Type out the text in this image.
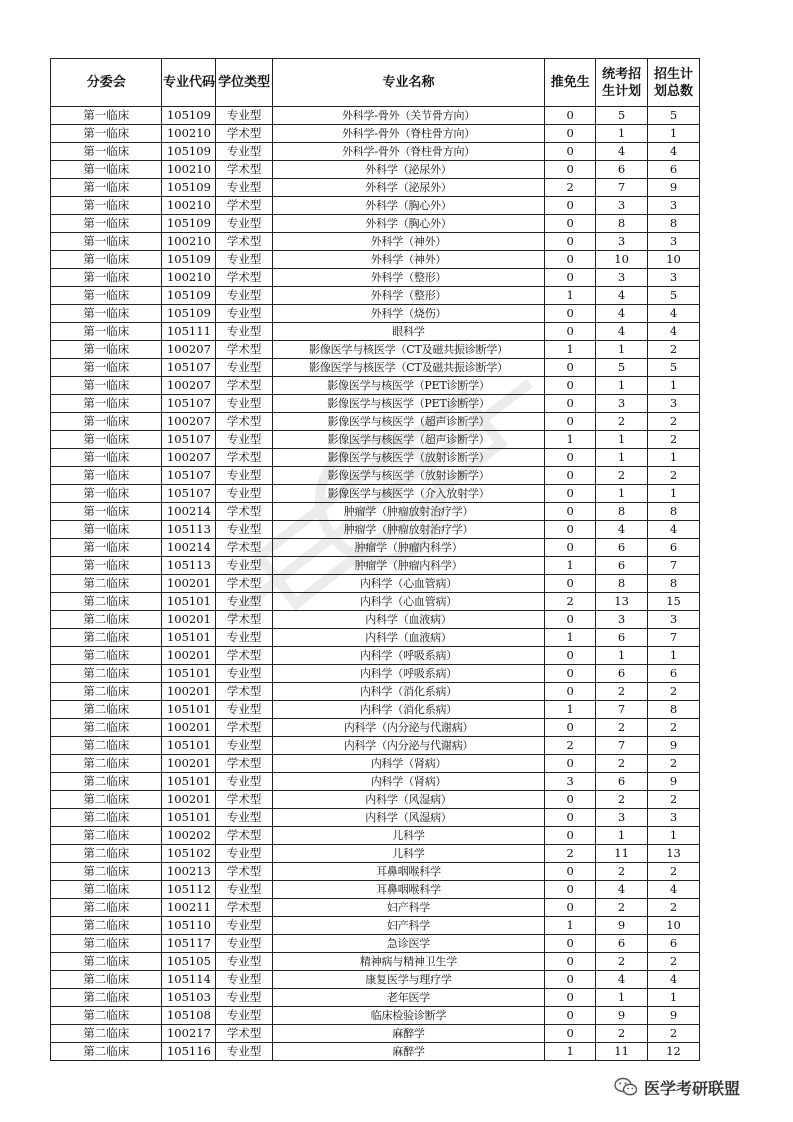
分委会	专业代码	学位类型	专业名称	推免生	统考招生计划	招生计划总数
第一临床	105109	专业型	外科学-骨外（关节骨方向）	0	5	5
第一临床	100210	学术型	外科学-骨外（脊柱骨方向）	0	1	1
第一临床	105109	专业型	外科学-骨外（脊柱骨方向）	0	4	4
第一临床	100210	学术型	外科学（泌尿外）	0	6	6
第一临床	105109	专业型	外科学（泌尿外）	2	7	9
第一临床	100210	学术型	外科学（胸心外）	0	3	3
第一临床	105109	专业型	外科学（胸心外）	0	8	8
第一临床	100210	学术型	外科学（神外）	0	3	3
第一临床	105109	专业型	外科学（神外）	0	10	10
第一临床	100210	学术型	外科学（整形）	0	3	3
第一临床	105109	专业型	外科学（整形）	1	4	5
第一临床	105109	专业型	外科学（烧伤）	0	4	4
第一临床	105111	专业型	眼科学	0	4	4
第一临床	100207	学术型	影像医学与核医学（CT及磁共振诊断学）	1	1	2
第一临床	105107	专业型	影像医学与核医学（CT及磁共振诊断学）	0	5	5
第一临床	100207	学术型	影像医学与核医学（PET诊断学）	0	1	1
第一临床	105107	专业型	影像医学与核医学（PET诊断学）	0	3	3
第一临床	100207	学术型	影像医学与核医学（超声诊断学）	0	2	2
第一临床	105107	专业型	影像医学与核医学（超声诊断学）	1	1	2
第一临床	100207	学术型	影像医学与核医学（放射诊断学）	0	1	1
第一临床	105107	专业型	影像医学与核医学（放射诊断学）	0	2	2
第一临床	105107	专业型	影像医学与核医学（介入放射学）	0	1	1
第一临床	100214	学术型	肿瘤学（肿瘤放射治疗学）	0	8	8
第一临床	105113	专业型	肿瘤学（肿瘤放射治疗学）	0	4	4
第一临床	100214	学术型	肿瘤学（肿瘤内科学）	0	6	6
第一临床	105113	专业型	肿瘤学（肿瘤内科学）	1	6	7
第二临床	100201	学术型	内科学（心血管病）	0	8	8
第二临床	105101	专业型	内科学（心血管病）	2	13	15
第二临床	100201	学术型	内科学（血液病）	0	3	3
第二临床	105101	专业型	内科学（血液病）	1	6	7
第二临床	100201	学术型	内科学（呼吸系病）	0	1	1
第二临床	105101	专业型	内科学（呼吸系病）	0	6	6
第二临床	100201	学术型	内科学（消化系病）	0	2	2
第二临床	105101	专业型	内科学（消化系病）	1	7	8
第二临床	100201	学术型	内科学（内分泌与代谢病）	0	2	2
第二临床	105101	专业型	内科学（内分泌与代谢病）	2	7	9
第二临床	100201	学术型	内科学（肾病）	0	2	2
第二临床	105101	专业型	内科学（肾病）	3	6	9
第二临床	100201	学术型	内科学（风湿病）	0	2	2
第二临床	105101	专业型	内科学（风湿病）	0	3	3
第二临床	100202	学术型	儿科学	0	1	1
第二临床	105102	专业型	儿科学	2	11	13
第二临床	100213	学术型	耳鼻咽喉科学	0	2	2
第二临床	105112	专业型	耳鼻咽喉科学	0	4	4
第二临床	100211	学术型	妇产科学	0	2	2
第二临床	105110	专业型	妇产科学	1	9	10
第二临床	105117	专业型	急诊医学	0	6	6
第二临床	105105	专业型	精神病与精神卫生学	0	2	2
第二临床	105114	专业型	康复医学与理疗学	0	4	4
第二临床	105103	专业型	老年医学	0	1	1
第二临床	105108	专业型	临床检验诊断学	0	9	9
第二临床	100217	学术型	麻醉学	0	2	2
第二临床	105116	专业型	麻醉学	1	11	12
医学考研联盟
